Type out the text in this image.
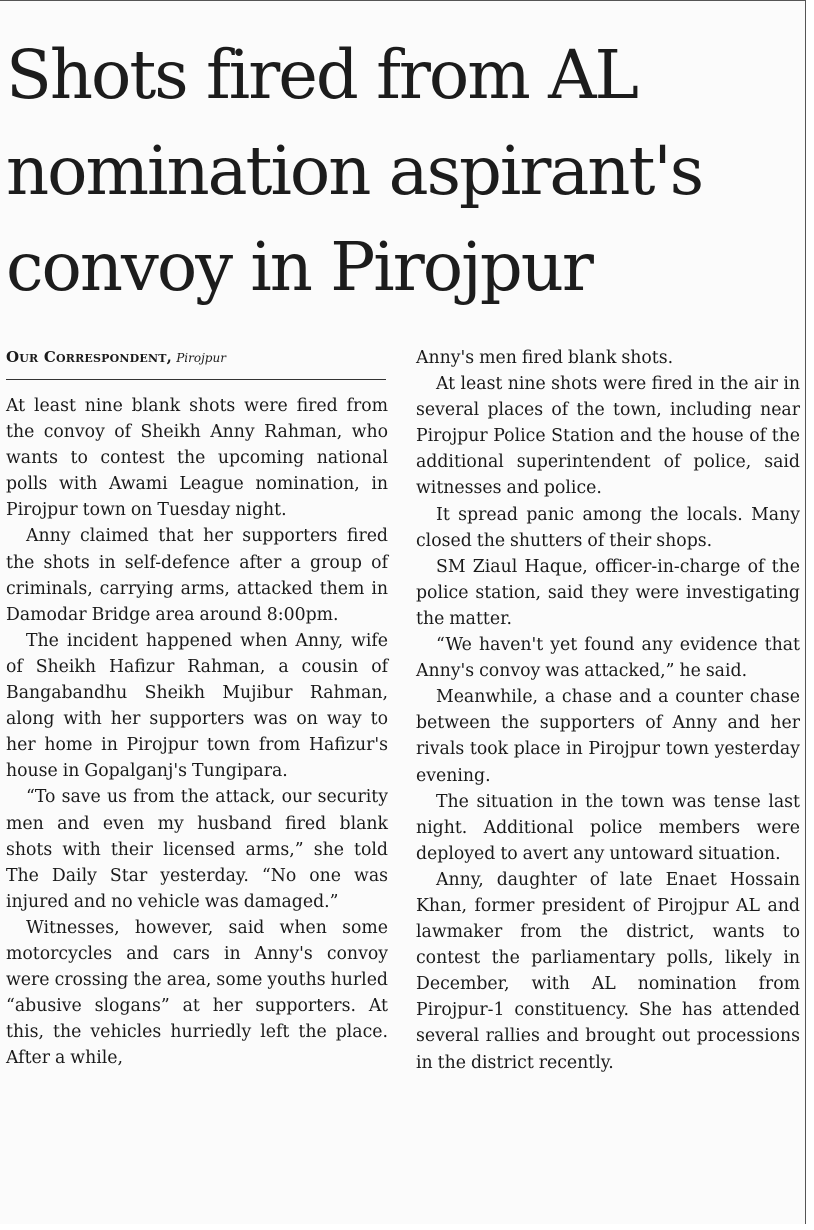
Shots fired from AL
nomination aspirant's
convoy in Pirojpur
Our Correspondent, Pirojpur

At least nine blank shots were fired from the convoy of Sheikh Anny Rahman, who wants to contest the upcoming national polls with Awami League nomination, in Pirojpur town on Tuesday night.

Anny claimed that her supporters fired the shots in self-defence after a group of criminals, carrying arms, attacked them in Damodar Bridge area around 8:00pm.

The incident happened when Anny, wife of Sheikh Hafizur Rahman, a cousin of Bangabandhu Sheikh Mujibur Rahman, along with her supporters was on way to her home in Pirojpur town from Hafizur's house in Gopalganj's Tungipara.

“To save us from the attack, our security men and even my husband fired blank shots with their licensed arms,” she told The Daily Star yesterday. “No one was injured and no vehicle was damaged.”

Witnesses, however, said when some motorcycles and cars in Anny's convoy were crossing the area, some youths hurled “abusive slogans” at her supporters. At this, the vehicles hurriedly left the place. After a while,

Anny's men fired blank shots.

At least nine shots were fired in the air in several places of the town, including near Pirojpur Police Station and the house of the additional superintendent of police, said witnesses and police.

It spread panic among the locals. Many closed the shutters of their shops.

SM Ziaul Haque, officer-in-charge of the police station, said they were investigating the matter.

“We haven't yet found any evidence that Anny's convoy was attacked,” he said.

Meanwhile, a chase and a counter chase between the supporters of Anny and her rivals took place in Pirojpur town yesterday evening.

The situation in the town was tense last night. Additional police members were deployed to avert any untoward situation.

Anny, daughter of late Enaet Hossain Khan, former president of Pirojpur AL and lawmaker from the district, wants to contest the parliamentary polls, likely in December, with AL nomination from Pirojpur-1 constituency. She has attended several rallies and brought out processions in the district recently.
